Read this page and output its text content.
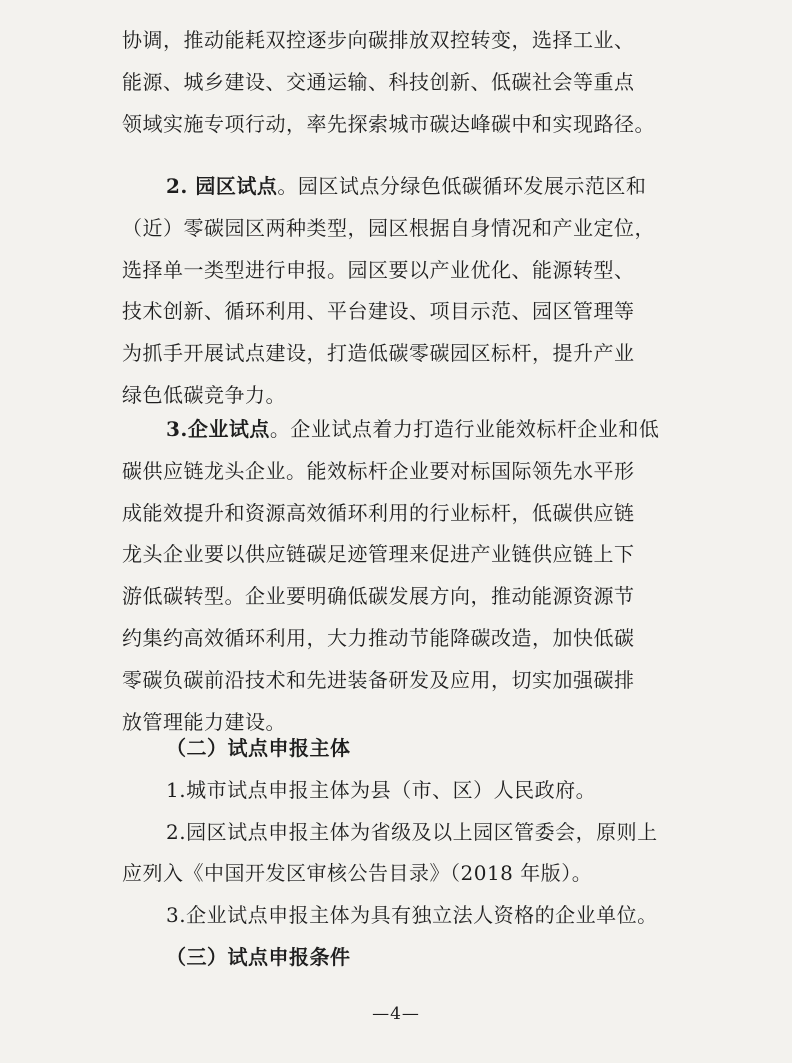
协调，推动能耗双控逐步向碳排放双控转变，选择工业、
能源、城乡建设、交通运输、科技创新、低碳社会等重点
领域实施专项行动，率先探索城市碳达峰碳中和实现路径。

2. 园区试点。园区试点分绿色低碳循环发展示范区和
（近）零碳园区两种类型，园区根据自身情况和产业定位，
选择单一类型进行申报。园区要以产业优化、能源转型、
技术创新、循环利用、平台建设、项目示范、园区管理等
为抓手开展试点建设，打造低碳零碳园区标杆，提升产业
绿色低碳竞争力。

3.企业试点。企业试点着力打造行业能效标杆企业和低
碳供应链龙头企业。能效标杆企业要对标国际领先水平形
成能效提升和资源高效循环利用的行业标杆，低碳供应链
龙头企业要以供应链碳足迹管理来促进产业链供应链上下
游低碳转型。企业要明确低碳发展方向，推动能源资源节
约集约高效循环利用，大力推动节能降碳改造，加快低碳
零碳负碳前沿技术和先进装备研发及应用，切实加强碳排
放管理能力建设。

（二）试点申报主体
1.城市试点申报主体为县（市、区）人民政府。
2.园区试点申报主体为省级及以上园区管委会，原则上
应列入《中国开发区审核公告目录》（2018 年版）。
3.企业试点申报主体为具有独立法人资格的企业单位。
（三）试点申报条件

—4—
